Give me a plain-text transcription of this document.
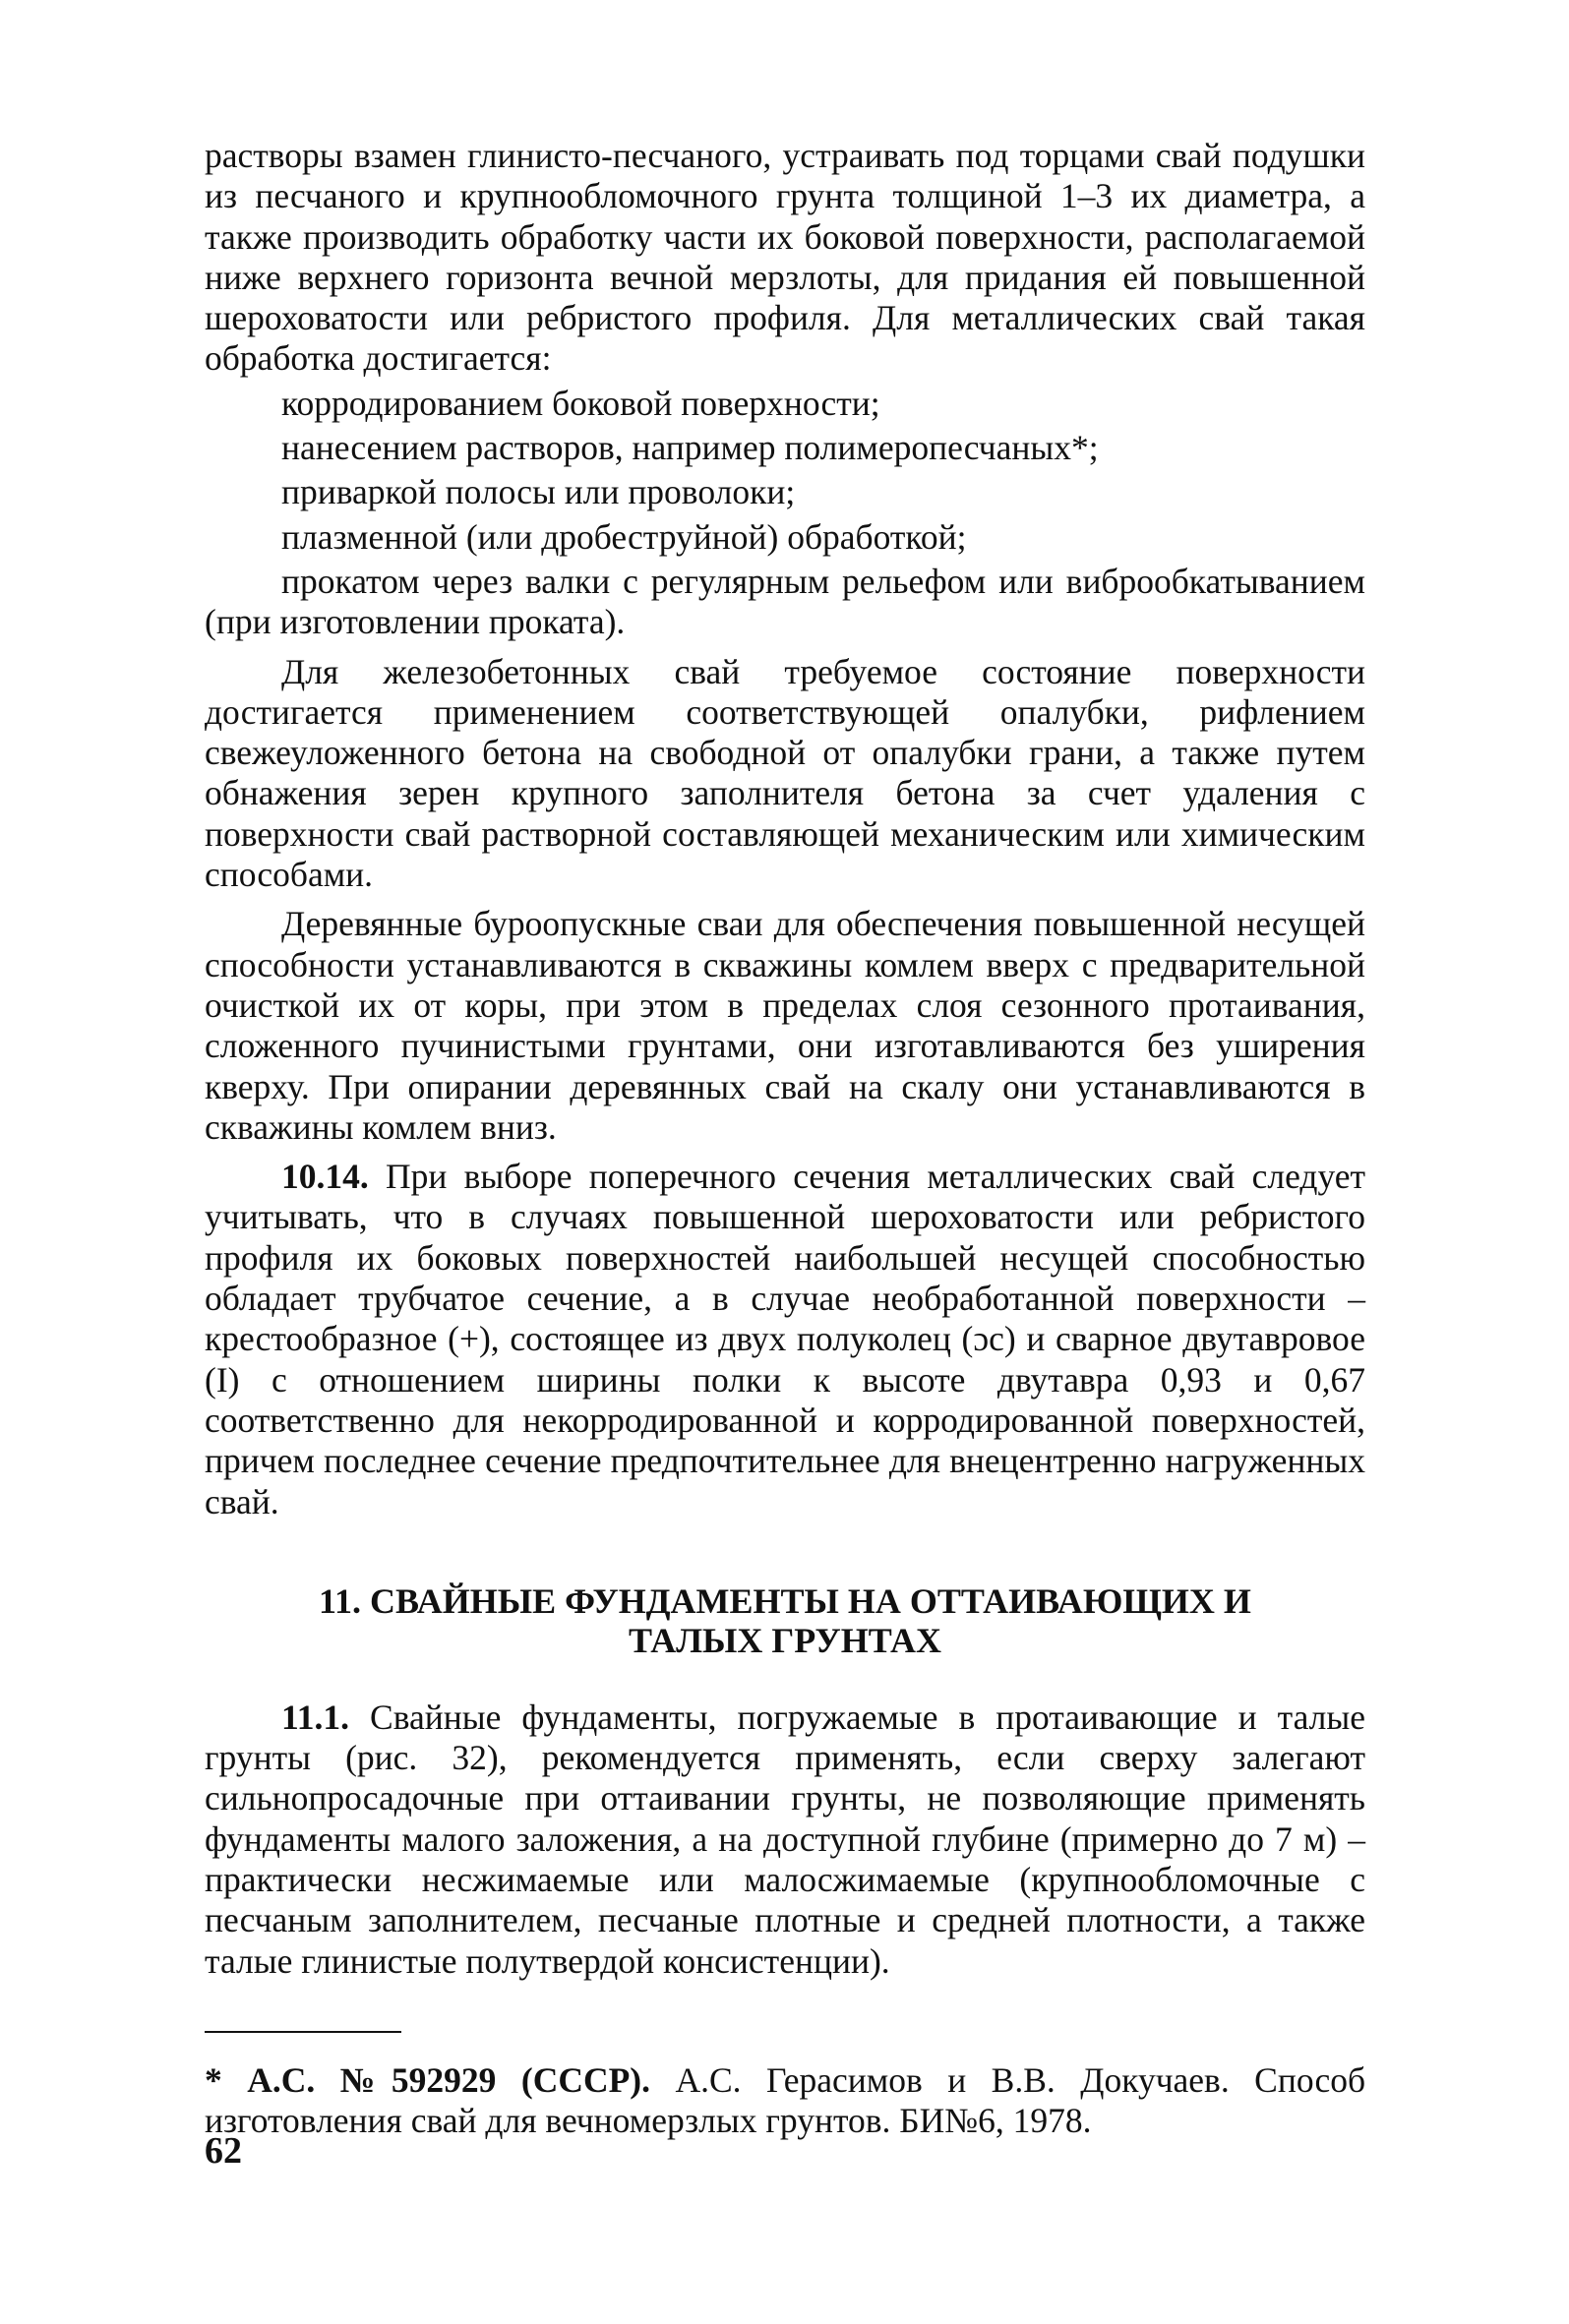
растворы взамен глинисто-песчаного, устраивать под торцами свай подушки из песчаного и крупнообломочного грунта толщиной 1–3 их диаметра, а также производить обработку части их боковой поверхности, располагаемой ниже верхнего горизонта вечной мерзлоты, для придания ей повышенной шероховатости или ребристого профиля. Для металлических свай такая обработка достигается:

корродированием боковой поверхности;
нанесением растворов, например полимеропесчаных*;
приваркой полосы или проволоки;
плазменной (или дробеструйной) обработкой;
прокатом через валки с регулярным рельефом или виброобкатыванием (при изготовлении проката).

Для железобетонных свай требуемое состояние поверхности достигается применением соответствующей опалубки, рифлением свежеуложенного бетона на свободной от опалубки грани, а также путем обнажения зерен крупного заполнителя бетона за счет удаления с поверхности свай растворной составляющей механическим или химическим способами.

Деревянные буроопускные сваи для обеспечения повышенной несущей способности устанавливаются в скважины комлем вверх с предварительной очисткой их от коры, при этом в пределах слоя сезонного протаивания, сложенного пучинистыми грунтами, они изготавливаются без уширения кверху. При опирании деревянных свай на скалу они устанавливаются в скважины комлем вниз.

10.14. При выборе поперечного сечения металлических свай следует учитывать, что в случаях повышенной шероховатости или ребристого профиля их боковых поверхностей наибольшей несущей способностью обладает трубчатое сечение, а в случае необработанной поверхности – крестообразное (+), состоящее из двух полуколец (ɔc) и сварное двутавровое (I) с отношением ширины полки к высоте двутавра 0,93 и 0,67 соответственно для некорродированной и корродированной поверхностей, причем последнее сечение предпочтительнее для внецентренно нагруженных свай.

11. СВАЙНЫЕ ФУНДАМЕНТЫ НА ОТТАИВАЮЩИХ И ТАЛЫХ ГРУНТАХ

11.1. Свайные фундаменты, погружаемые в протаивающие и талые грунты (рис. 32), рекомендуется применять, если сверху залегают сильнопросадочные при оттаивании грунты, не позволяющие применять фундаменты малого заложения, а на доступной глубине (примерно до 7 м) – практически несжимаемые или малосжимаемые (крупнообломочные с песчаным заполнителем, песчаные плотные и средней плотности, а также талые глинистые полутвердой консистенции).

* А.С. №592929 (СССР). А.С. Герасимов и В.В. Докучаев. Способ изготовления свай для вечномерзлых грунтов. БИ№6, 1978.

62
